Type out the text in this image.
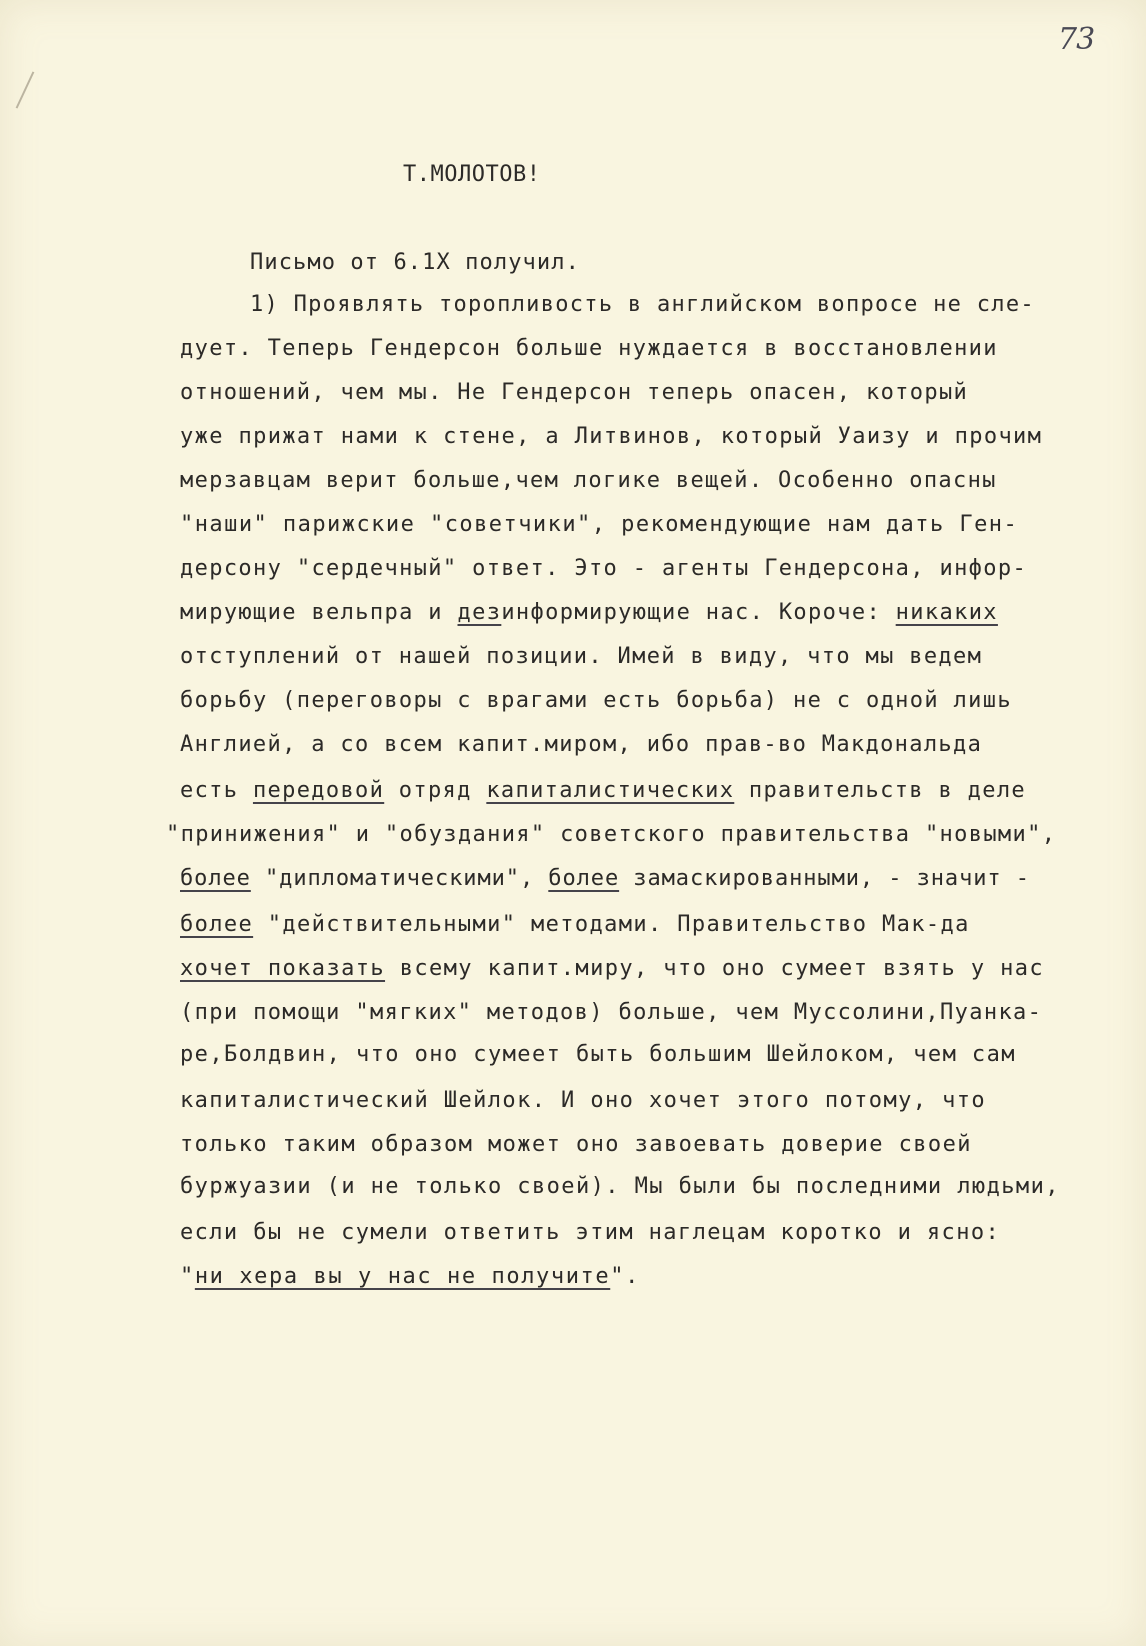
73
Т.МОЛОТОВ!
Письмо от 6.1Х получил.
1) Проявлять торопливость в английском вопросе не сле-
дует. Теперь Гендерсон больше нуждается в восстановлении
отношений, чем мы. Не Гендерсон теперь опасен, который
уже прижат нами к стене, а Литвинов, который Уаизу и прочим
мерзавцам верит больше,чем логике вещей. Особенно опасны
"наши" парижские "советчики", рекомендующие нам дать Ген-
дерсону "сердечный" ответ. Это - агенты Гендерсона, инфор-
мирующие вельпра и дезинформирующие нас. Короче: никаких
отступлений от нашей позиции. Имей в виду, что мы ведем
борьбу (переговоры с врагами есть борьба) не с одной лишь
Англией, а со всем капит.миром, ибо прав-во Макдональда
есть передовой отряд капиталистических правительств в деле
"принижения" и "обуздания" советского правительства "новыми",
более "дипломатическими", более замаскированными, - значит -
более "действительными" методами. Правительство Мак-да
хочет показать всему капит.миру, что оно сумеет взять у нас
(при помощи "мягких" методов) больше, чем Муссолини,Пуанка-
ре,Болдвин, что оно сумеет быть большим Шейлоком, чем сам
капиталистический Шейлок. И оно хочет этого потому, что
только таким образом может оно завоевать доверие своей
буржуазии (и не только своей). Мы были бы последними людьми,
если бы не сумели ответить этим наглецам коротко и ясно:
"ни хера вы у нас не получите".
